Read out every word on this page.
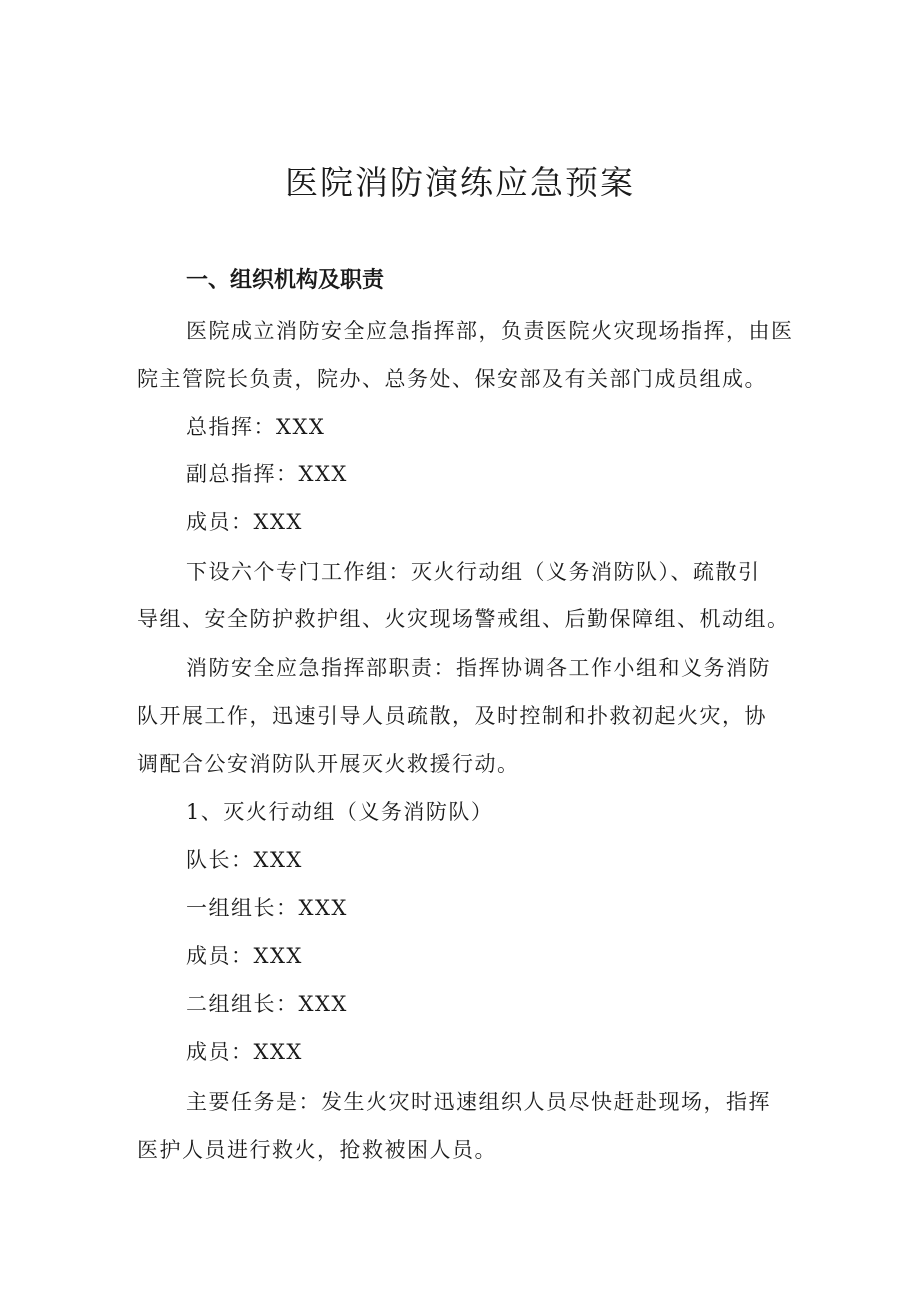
医院消防演练应急预案
一、组织机构及职责

医院成立消防安全应急指挥部，负责医院火灾现场指挥，由医

院主管院长负责，院办、总务处、保安部及有关部门成员组成。

总指挥：XXX

副总指挥：XXX

成员：XXX

下设六个专门工作组：灭火行动组（义务消防队）、疏散引

导组、安全防护救护组、火灾现场警戒组、后勤保障组、机动组。

消防安全应急指挥部职责：指挥协调各工作小组和义务消防

队开展工作，迅速引导人员疏散，及时控制和扑救初起火灾，协

调配合公安消防队开展灭火救援行动。

1、灭火行动组（义务消防队）

队长：XXX

一组组长：XXX

成员：XXX

二组组长：XXX

成员：XXX

主要任务是：发生火灾时迅速组织人员尽快赶赴现场，指挥

医护人员进行救火，抢救被困人员。
